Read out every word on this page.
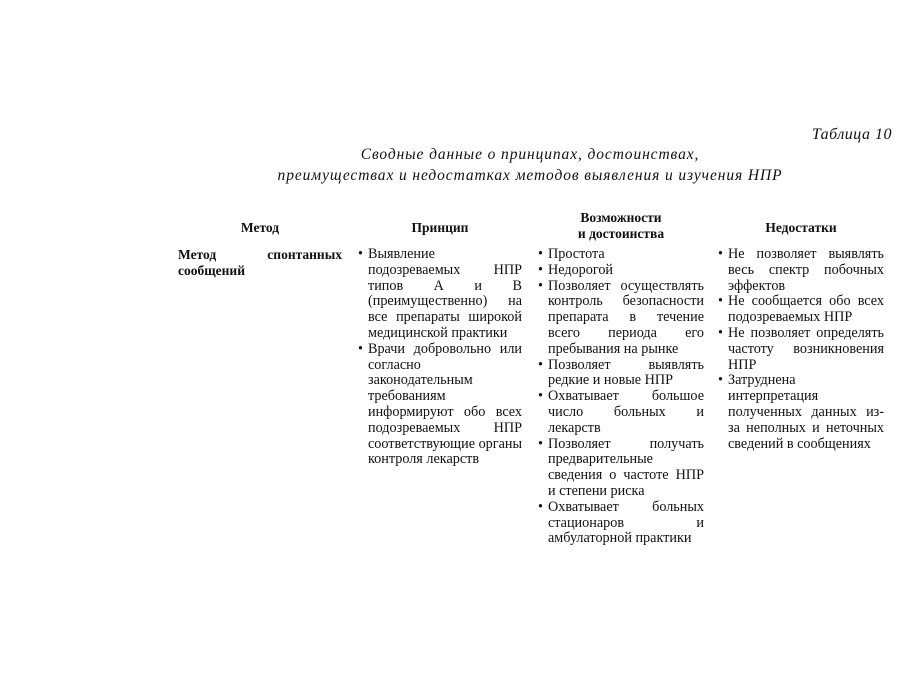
Таблица 10
Сводные данные о принципах, достоинствах,
преимуществах и недостатках методов выявления и изучения НПР
Метод	Принцип
Возможности
и достоинства	Недостатки
Метод спонтанных сообщений
• Выявление подозреваемых НПР типов А и В (преимущественно) на все препараты широкой медицинской практики
• Врачи добровольно или согласно законодательным требованиям информируют обо всех подозреваемых НПР соответствующие органы контроля лекарств
• Простота
• Недорогой
• Позволяет осуществлять контроль безопасности препарата в течение всего периода его пребывания на рынке
• Позволяет выявлять редкие и новые НПР
• Охватывает большое число больных и лекарств
• Позволяет получать предварительные сведения о частоте НПР и степени риска
• Охватывает больных стационаров и амбулаторной практики
• Не позволяет выявлять весь спектр побочных эффектов
• Не сообщается обо всех подозреваемых НПР
• Не позволяет определять частоту возникновения НПР
• Затруднена интерпретация полученных данных из-за неполных и неточных сведений в сообщениях
